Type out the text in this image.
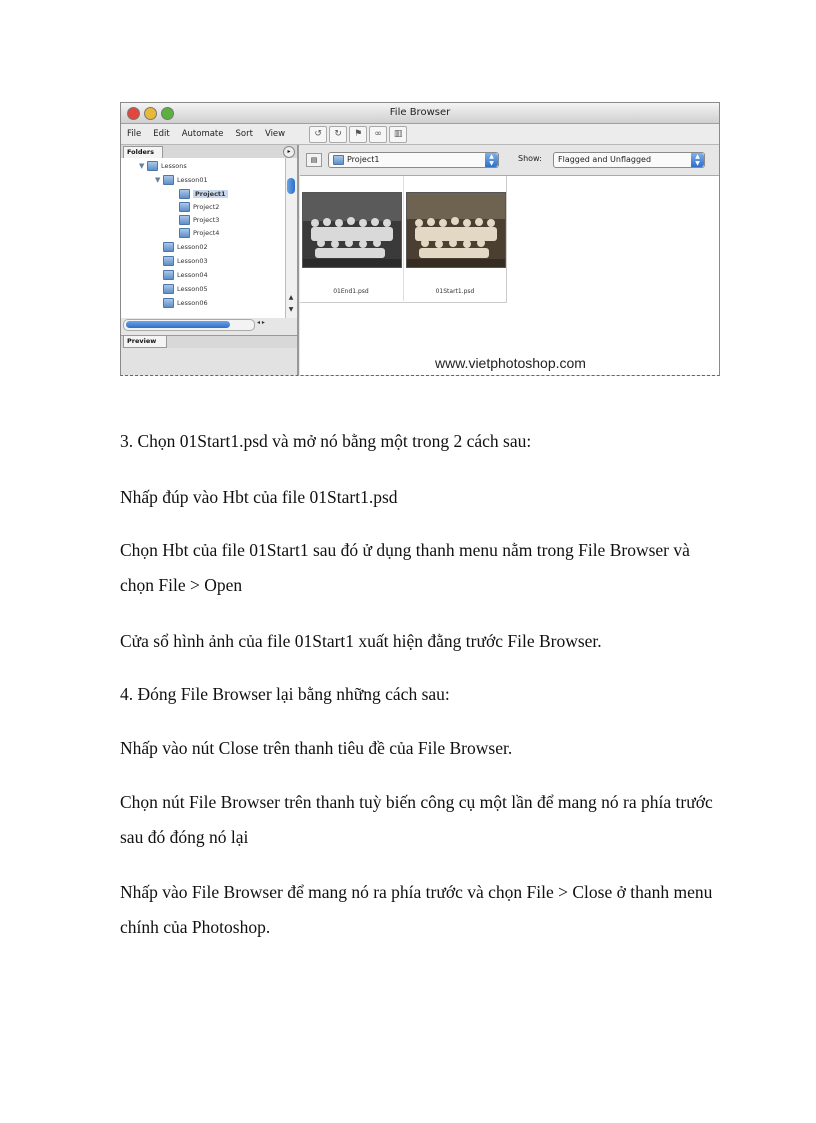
File Browser
File	Edit	Automate	Sort	View	↺	↻	⚑	∞	▥
Folders	▸
▼	Lessons
▼	Lesson01
Project1
Project2
Project3
Project4
Lesson02
Lesson03
Lesson04
Lesson05
Lesson06
▲
▼
◂ ▸
Preview
▤	Project1	▲
▼
Show:	Flagged and Unflagged	▲
▼
01End1.psd	01Start1.psd
www.vietphotoshop.com

3. Chọn 01Start1.psd và mở nó bằng một trong 2 cách sau:

Nhấp đúp vào Hbt của file 01Start1.psd

Chọn Hbt của file 01Start1 sau đó ử dụng thanh menu nằm trong File Browser và chọn File > Open

Cửa sổ hình ảnh của file 01Start1 xuất hiện đằng trước File Browser.

4. Đóng File Browser lại bằng những cách sau:

Nhấp vào nút Close trên thanh tiêu đề của File Browser.

Chọn nút File Browser trên thanh tuỳ biến công cụ một lần để mang nó ra phía trước sau đó đóng nó lại

Nhấp vào File Browser để mang nó ra phía trước và chọn File > Close ở thanh menu chính của Photoshop.
